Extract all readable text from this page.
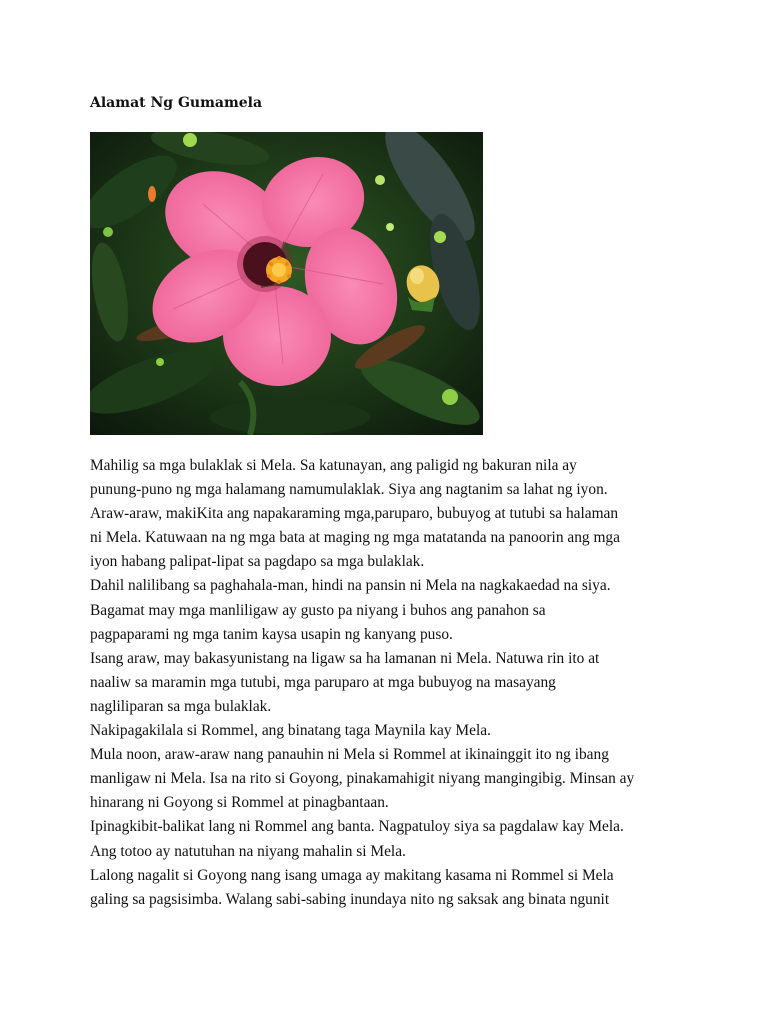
Alamat Ng Gumamela
Mahilig sa mga bulaklak si Mela. Sa katunayan, ang paligid ng bakuran nila ay
punung-puno ng mga halamang namumulaklak. Siya ang nagtanim sa lahat ng iyon.
Araw-araw, makiKita ang napakaraming mga,paruparo, bubuyog at tutubi sa halaman
ni Mela. Katuwaan na ng mga bata at maging ng mga matatanda na panoorin ang mga
iyon habang palipat-lipat sa pagdapo sa mga bulaklak.
Dahil nalilibang sa paghahala-man, hindi na pansin ni Mela na nagkakaedad na siya.
Bagamat may mga manliligaw ay gusto pa niyang i buhos ang panahon sa
pagpaparami ng mga tanim kaysa usapin ng kanyang puso.
Isang araw, may bakasyunistang na ligaw sa ha lamanan ni Mela. Natuwa rin ito at
naaliw sa maramin mga tutubi, mga paruparo at mga bubuyog na masayang
nagliliparan sa mga bulaklak.
Nakipagakilala si Rommel, ang binatang taga Maynila kay Mela.
Mula noon, araw-araw nang panauhin ni Mela si Rommel at ikinainggit ito ng ibang
manligaw ni Mela. Isa na rito si Goyong, pinakamahigit niyang mangingibig. Minsan ay
hinarang ni Goyong si Rommel at pinagbantaan.
Ipinagkibit-balikat lang ni Rommel ang banta. Nagpatuloy siya sa pagdalaw kay Mela.
Ang totoo ay natutuhan na niyang mahalin si Mela.
Lalong nagalit si Goyong nang isang umaga ay makitang kasama ni Rommel si Mela
galing sa pagsisimba. Walang sabi-sabing inundaya nito ng saksak ang binata ngunit
